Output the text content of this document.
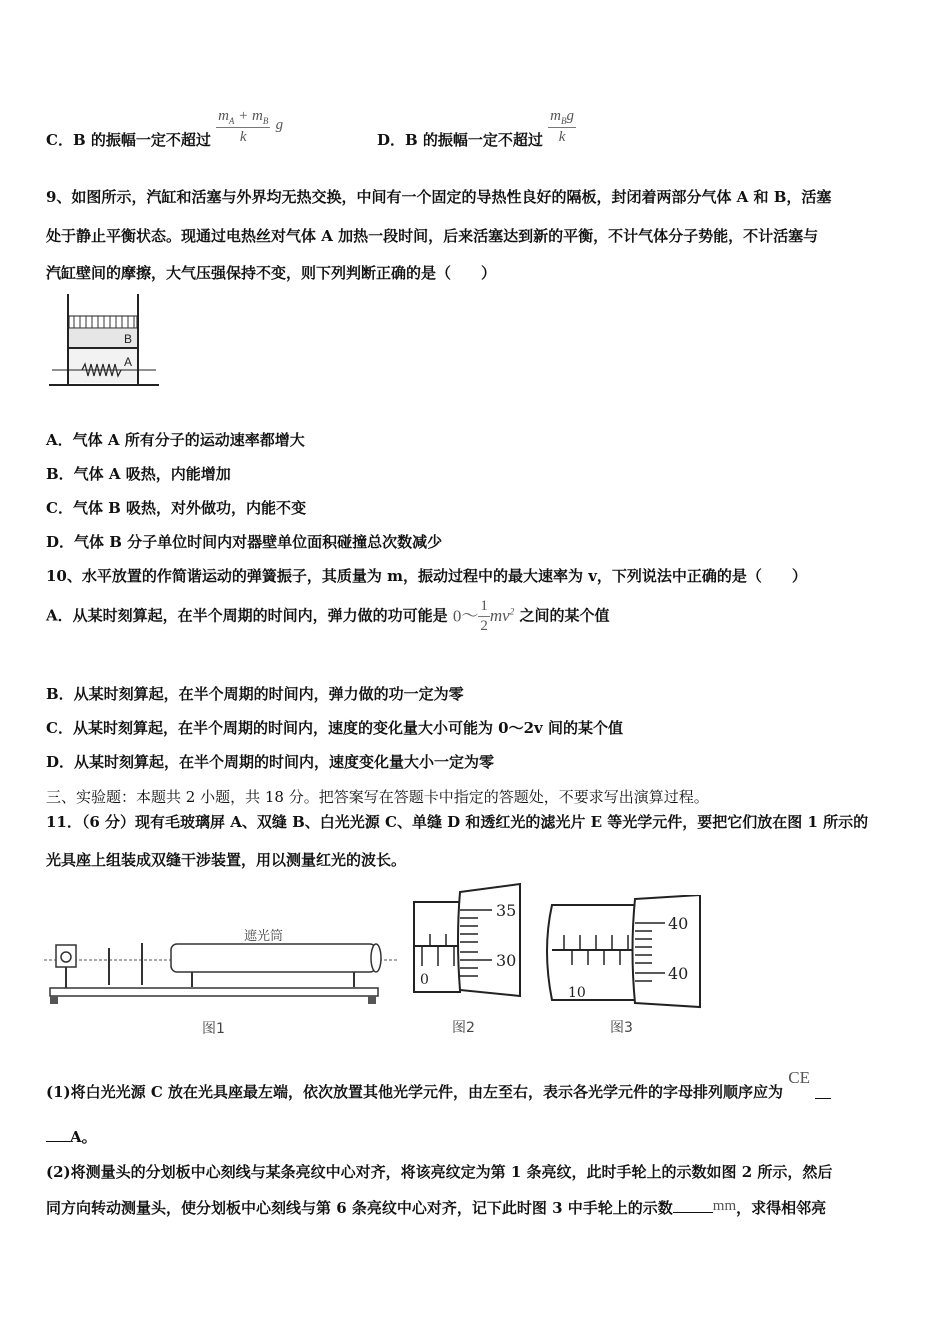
C．B 的振幅一定不超过 $\frac{m_A + m_B}{k}$ g
D．B 的振幅一定不超过 $\frac{m_Bg}{k}$
9、如图所示，汽缸和活塞与外界均无热交换，中间有一个固定的导热性良好的隔板，封闭着两部分气体 A 和 B，活塞
处于静止平衡状态。现通过电热丝对气体 A 加热一段时间，后来活塞达到新的平衡，不计气体分子势能，不计活塞与
汽缸壁间的摩擦，大气压强保持不变，则下列判断正确的是（　　）
B
A
A．气体 A 所有分子的运动速率都增大
B．气体 A 吸热，内能增加
C．气体 B 吸热，对外做功，内能不变
D．气体 B 分子单位时间内对器壁单位面积碰撞总次数减少
10、水平放置的作简谐运动的弹簧振子，其质量为 m，振动过程中的最大速率为 v，下列说法中正确的是（　　）
A．从某时刻算起，在半个周期的时间内，弹力做的功可能是 0～ $\frac{1}{2} mv^2$ 之间的某个值
B．从某时刻算起，在半个周期的时间内，弹力做的功一定为零
C．从某时刻算起，在半个周期的时间内，速度的变化量大小可能为 0～2v 间的某个值
D．从某时刻算起，在半个周期的时间内，速度变化量大小一定为零
三、实验题：本题共 2 小题，共 18 分。把答案写在答题卡中指定的答题处，不要求写出演算过程。
11．（6 分）现有毛玻璃屏 A、双缝 B、白光光源 C、单缝 D 和透红光的滤光片 E 等光学元件，要把它们放在图 1 所示的
光具座上组装成双缝干涉装置，用以测量红光的波长。
遮光筒
图1
35
30
0
图2
40
40
10
图3
(1)将白光光源 C 放在光具座最左端，依次放置其他光学元件，由左至右，表示各光学元件的字母排列顺序应为 CE
A。
(2)将测量头的分划板中心刻线与某条亮纹中心对齐，将该亮纹定为第 1 条亮纹，此时手轮上的示数如图 2 所示，然后
同方向转动测量头，使分划板中心刻线与第 6 条亮纹中心对齐，记下此时图 3 中手轮上的示数	mm，求得相邻亮
